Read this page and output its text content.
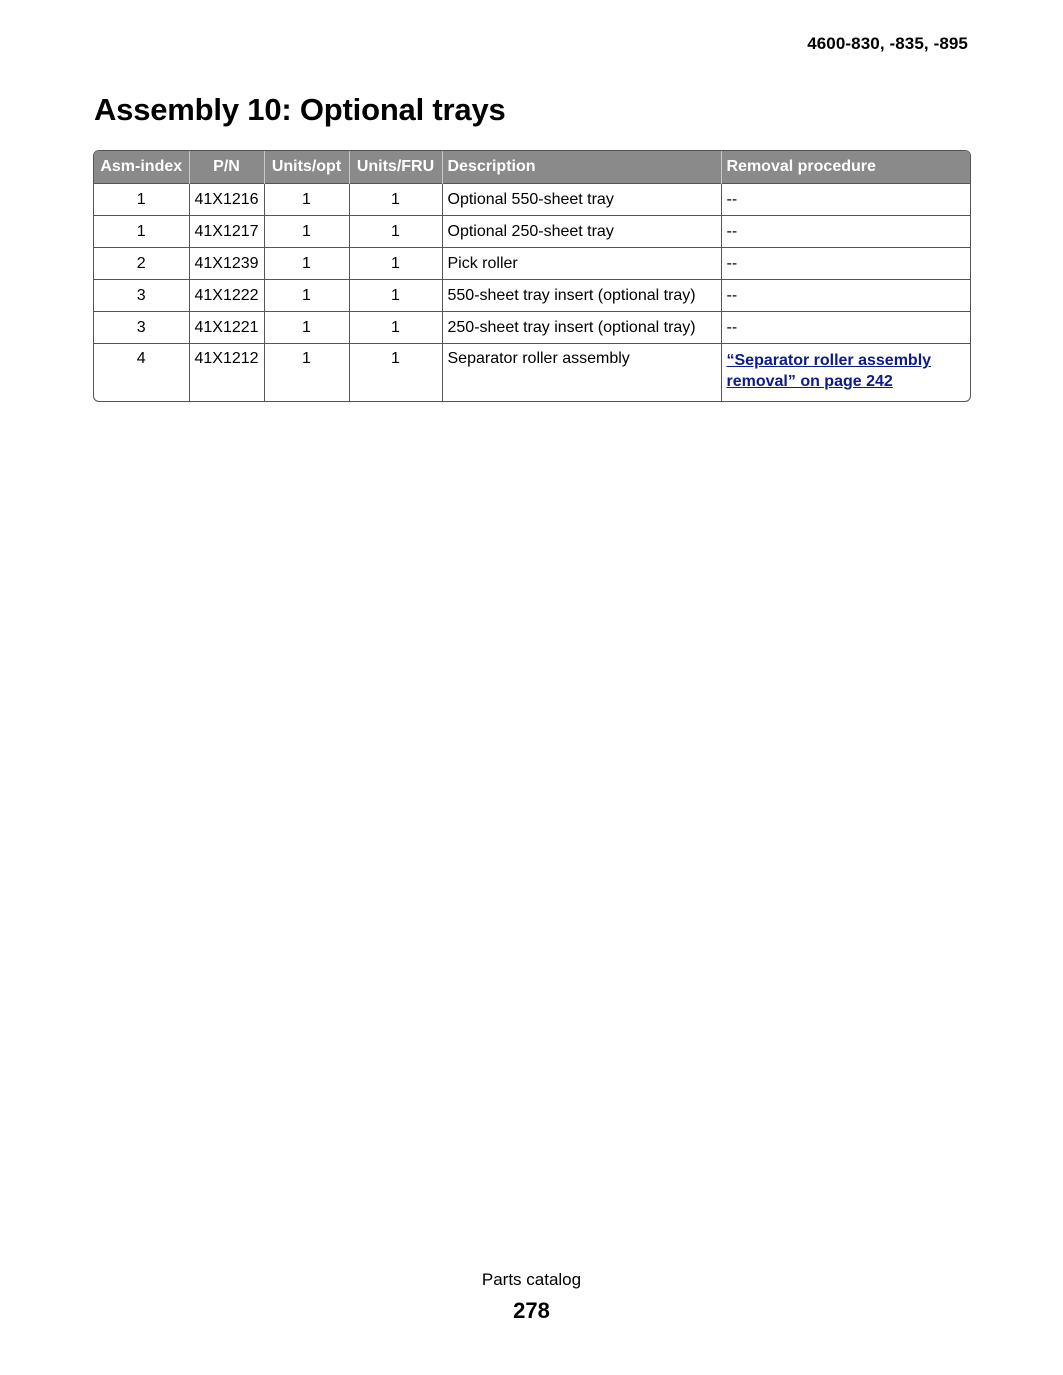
4600-830, -835, -895
Assembly 10: Optional trays
Asm-index	P/N	Units/opt	Units/FRU	Description	Removal procedure
1	41X1216	1	1	Optional 550-sheet tray	--
1	41X1217	1	1	Optional 250-sheet tray	--
2	41X1239	1	1	Pick roller	--
3	41X1222	1	1	550-sheet tray insert (optional tray)	--
3	41X1221	1	1	250-sheet tray insert (optional tray)	--
4	41X1212	1	1	Separator roller assembly	“Separator roller assembly removal” on page 242
Parts catalog
278
